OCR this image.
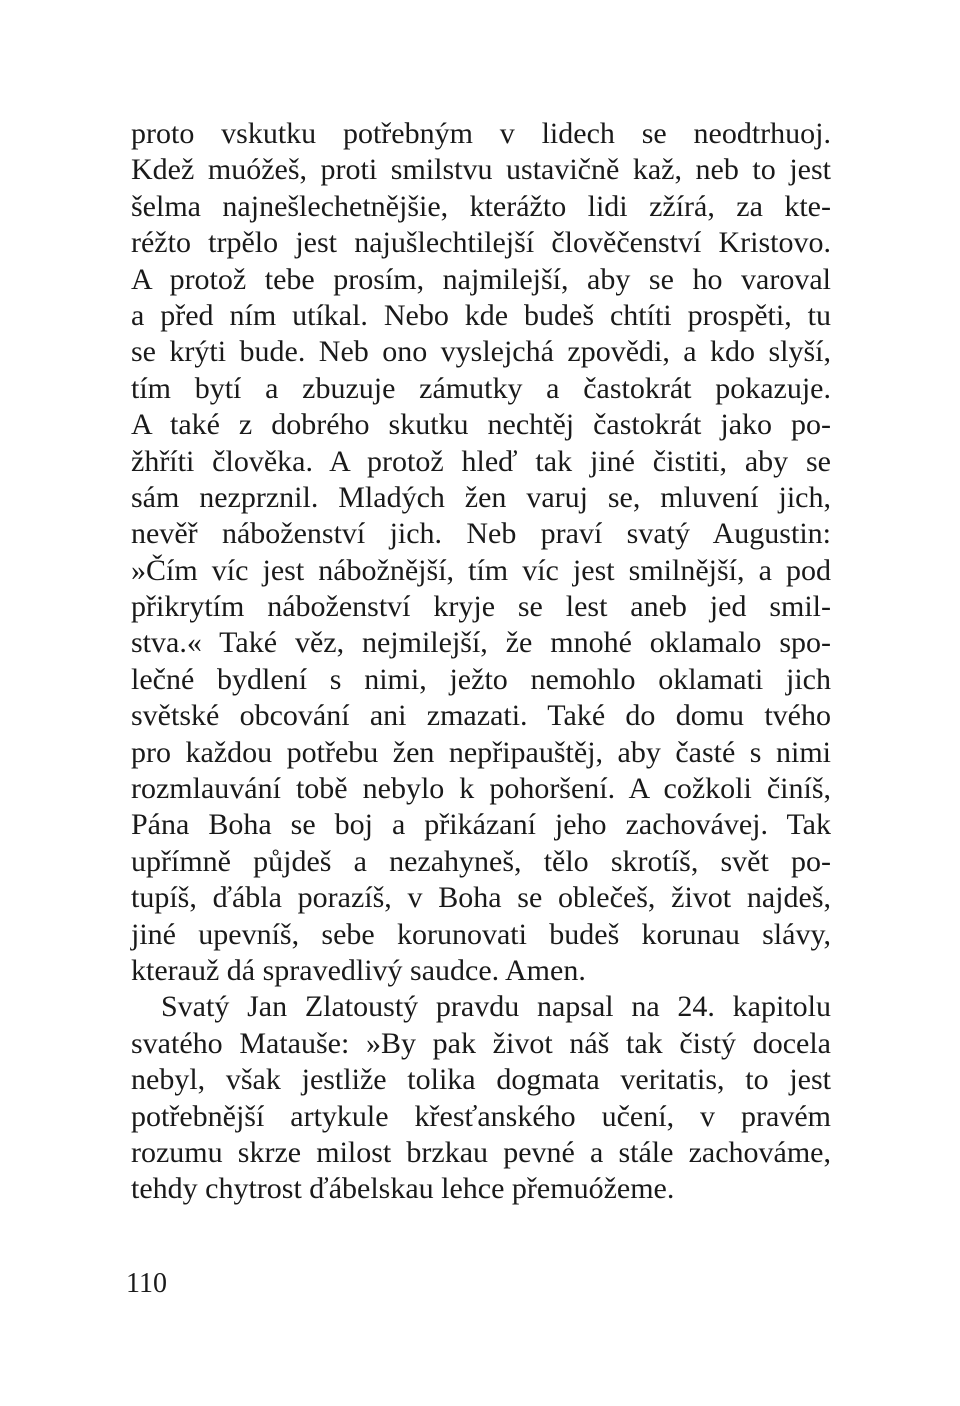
proto vskutku potřebným v lidech se neodtrhuoj.
Kdež muóžeš, proti smilstvu ustavičně kaž, neb to jest
šelma najnešlechetnějšie, kterážto lidi zžírá, za kte-
réžto trpělo jest najušlechtilejší člověčenství Kristovo.
A protož tebe prosím, najmilejší, aby se ho varoval
a před ním utíkal. Nebo kde budeš chtíti prospěti, tu
se krýti bude. Neb ono vyslejchá zpovědi, a kdo slyší,
tím bytí a zbuzuje zámutky a častokrát pokazuje.
A také z dobrého skutku nechtěj častokrát jako po-
žhříti člověka. A protož hleď tak jiné čistiti, aby se
sám nezprznil. Mladých žen varuj se, mluvení jich,
nevěř náboženství jich. Neb praví svatý Augustin:
»Čím víc jest nábožnější, tím víc jest smilnější, a pod
přikrytím náboženství kryje se lest aneb jed smil-
stva.« Také věz, nejmilejší, že mnohé oklamalo spo-
lečné bydlení s nimi, ježto nemohlo oklamati jich
světské obcování ani zmazati. Také do domu tvého
pro každou potřebu žen nepřipauštěj, aby časté s nimi
rozmlauvání tobě nebylo k pohoršení. A cožkoli činíš,
Pána Boha se boj a přikázaní jeho zachovávej. Tak
upřímně půjdeš a nezahyneš, tělo skrotíš, svět po-
tupíš, ďábla porazíš, v Boha se oblečeš, život najdeš,
jiné upevníš, sebe korunovati budeš korunau slávy,
kterauž dá spravedlivý saudce. Amen.
Svatý Jan Zlatoustý pravdu napsal na 24. kapitolu
svatého Matauše: »By pak život náš tak čistý docela
nebyl, však jestliže tolika dogmata veritatis, to jest
potřebnější artykule křesťanského učení, v pravém
rozumu skrze milost brzkau pevné a stále zachováme,
tehdy chytrost ďábelskau lehce přemuóžeme.
110
